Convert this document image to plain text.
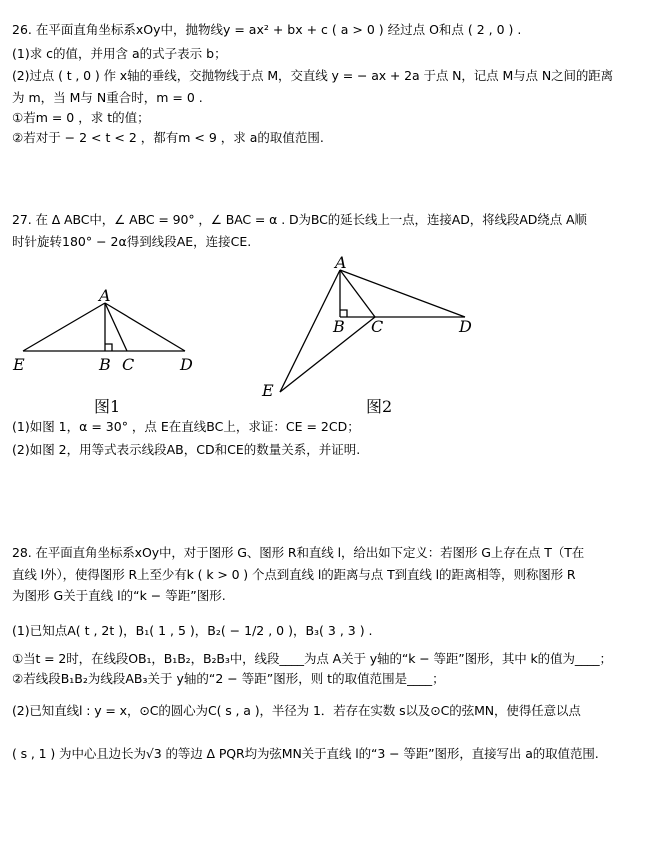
26. 在平面直角坐标系xOy中，抛物线y = ax² + bx + c ( a > 0 ) 经过点 O和点 ( 2 , 0 ) .
(1)求 c的值，并用含 a的式子表示 b；
(2)过点 ( t , 0 ) 作 x轴的垂线，交抛物线于点 M，交直线 y = − ax + 2a 于点 N，记点 M与点 N之间的距离
为 m，当 M与 N重合时，m = 0 .
①若m = 0 ，求 t的值；
②若对于 − 2 < t < 2 ，都有m < 9 ，求 a的取值范围.
27. 在 Δ ABC中，∠ ABC = 90° ，∠ BAC = α . D为BC的延长线上一点，连接AD，将线段AD绕点 A顺
时针旋转180° − 2α得到线段AE，连接CE.
A
B C	D
E
图1
A
B C	D
E
图2
(1)如图 1，α = 30° ，点 E在直线BC上，求证：CE = 2CD；
(2)如图 2，用等式表示线段AB，CD和CE的数量关系，并证明.
28. 在平面直角坐标系xOy中，对于图形 G、图形 R和直线 l，给出如下定义：若图形 G上存在点 T（T在
直线 l外），使得图形 R上至少有k ( k > 0 ) 个点到直线 l的距离与点 T到直线 l的距离相等，则称图形 R
为图形 G关于直线 l的“k − 等距”图形.
(1)已知点A( t , 2t )，B₁( 1 , 5 )，B₂( − 1/2 , 0 )，B₃( 3 , 3 ) .
①当t = 2时，在线段OB₁，B₁B₂，B₂B₃中，线段____为点 A关于 y轴的“k − 等距”图形，其中 k的值为____；
②若线段B₁B₂为线段AB₃关于 y轴的“2 − 等距”图形，则 t的取值范围是____；
(2)已知直线l : y = x，⊙C的圆心为C( s , a )，半径为 1．若存在实数 s以及⊙C的弦MN，使得任意以点
( s , 1 ) 为中心且边长为√3 的等边 Δ PQR均为弦MN关于直线 l的“3 − 等距”图形，直接写出 a的取值范围.
